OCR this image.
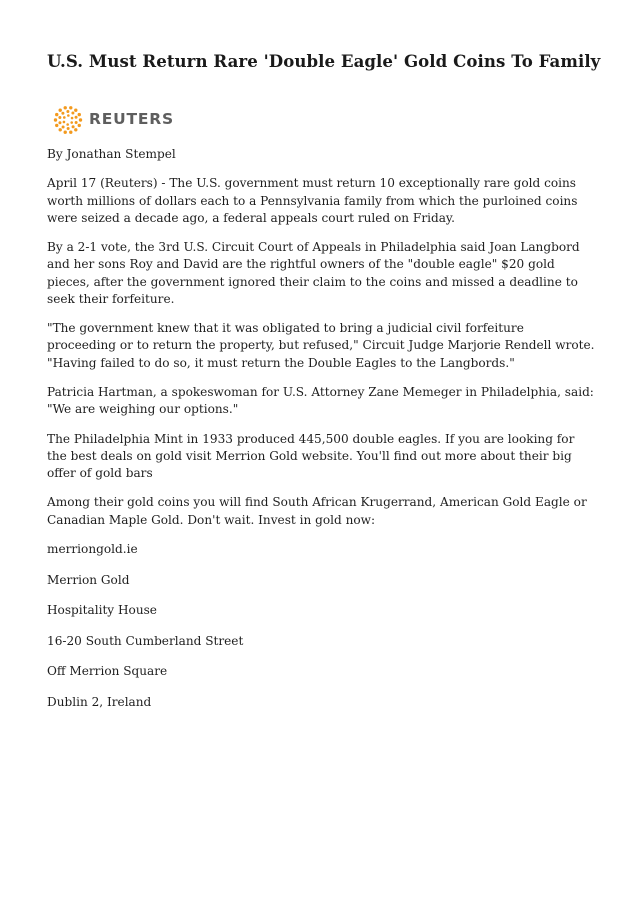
U.S. Must Return Rare 'Double Eagle' Gold Coins To Family
REUTERS

By Jonathan Stempel

April 17 (Reuters) - The U.S. government must return 10 exceptionally rare gold coins worth millions of dollars each to a Pennsylvania family from which the purloined coins were seized a decade ago, a federal appeals court ruled on Friday.

By a 2-1 vote, the 3rd U.S. Circuit Court of Appeals in Philadelphia said Joan Langbord and her sons Roy and David are the rightful owners of the "double eagle" $20 gold pieces, after the government ignored their claim to the coins and missed a deadline to seek their forfeiture.

"The government knew that it was obligated to bring a judicial civil forfeiture proceeding or to return the property, but refused," Circuit Judge Marjorie Rendell wrote. "Having failed to do so, it must return the Double Eagles to the Langbords."

Patricia Hartman, a spokeswoman for U.S. Attorney Zane Memeger in Philadelphia, said: "We are weighing our options."

The Philadelphia Mint in 1933 produced 445,500 double eagles. If you are looking for the best deals on gold visit Merrion Gold website. You'll find out more about their big offer of gold bars

Among their gold coins you will find South African Krugerrand, American Gold Eagle or Canadian Maple Gold. Don't wait. Invest in gold now:

merriongold.ie

Merrion Gold

Hospitality House

16-20 South Cumberland Street

Off Merrion Square

Dublin 2, Ireland
